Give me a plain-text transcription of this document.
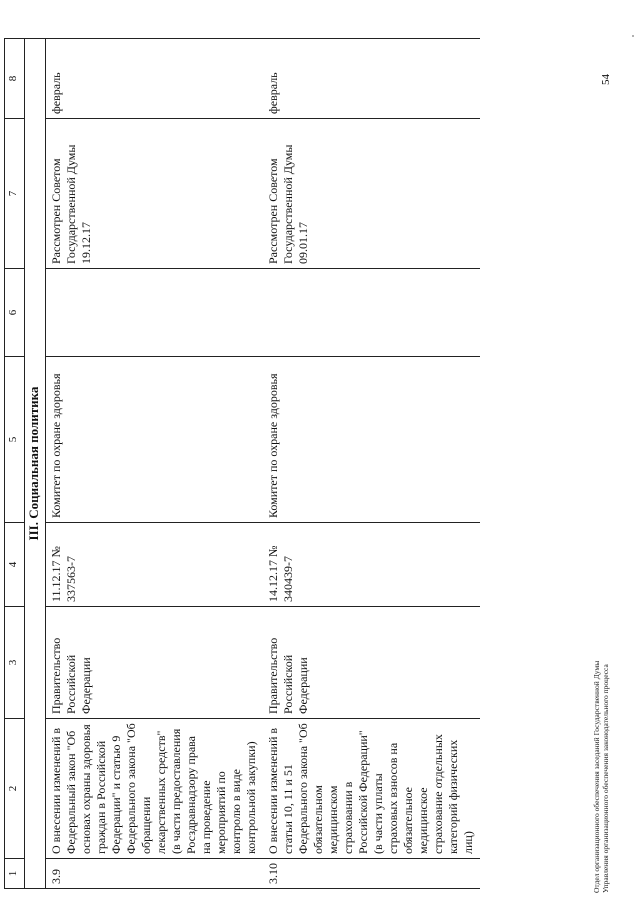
1	2	3	4	5	6	7	8
III. Социальная политика							
3.9	О внесении изменений в Федеральный закон "Об основах охраны здоровья граждан в Российской Федерации" и статью 9 Федерального закона "Об обращении лекарственных средств" (в части предоставления Росздравнадзору права на проведение мероприятий по контролю в виде контрольной закупки)	Правительство Российской Федерации	11.12.17 № 337563-7	Комитет по охране здоровья		Рассмотрен Советом Государственной Думы 19.12.17	февраль
3.10	О внесении изменений в статьи 10, 11 и 51 Федерального закона "Об обязательном медицинском страховании в Российской Федерации" (в части уплаты страховых взносов на обязательное медицинское страхование отдельных категорий физических лиц)	Правительство Российской Федерации	14.12.17 № 340439-7	Комитет по охране здоровья		Рассмотрен Советом Государственной Думы 09.01.17	февраль
Отдел организационного обеспечения заседаний Государственной Думы Управления организационного обеспечения законодательного процесса
54
